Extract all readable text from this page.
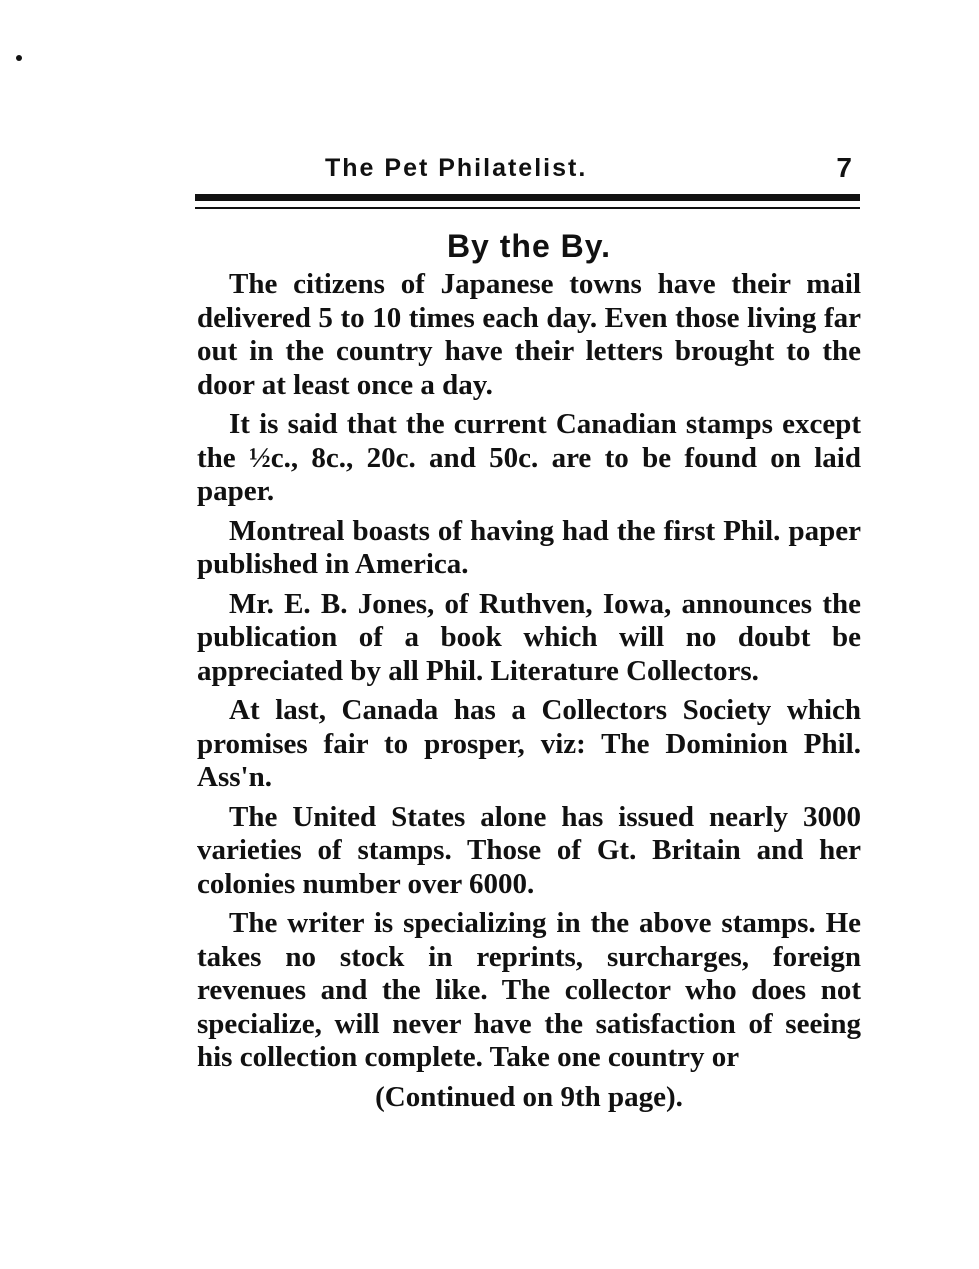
The Pet Philatelist.	7
By the By.

The citizens of Japanese towns have their mail delivered 5 to 10 times each day. Even those living far out in the country have their letters brought to the door at least once a day.

It is said that the current Canadian stamps except the ½c., 8c., 20c. and 50c. are to be found on laid paper.

Montreal boasts of having had the first Phil. paper published in America.

Mr. E. B. Jones, of Ruthven, Iowa, announces the publication of a book which will no doubt be appreciated by all Phil. Literature Collectors.

At last, Canada has a Collectors Society which promises fair to prosper, viz: The Dominion Phil. Ass'n.

The United States alone has issued nearly 3000 varieties of stamps. Those of Gt. Britain and her colonies number over 6000.

The writer is specializing in the above stamps. He takes no stock in reprints, surcharges, foreign revenues and the like. The collector who does not specialize, will never have the satisfaction of seeing his collection complete. Take one country or

(Continued on 9th page).
